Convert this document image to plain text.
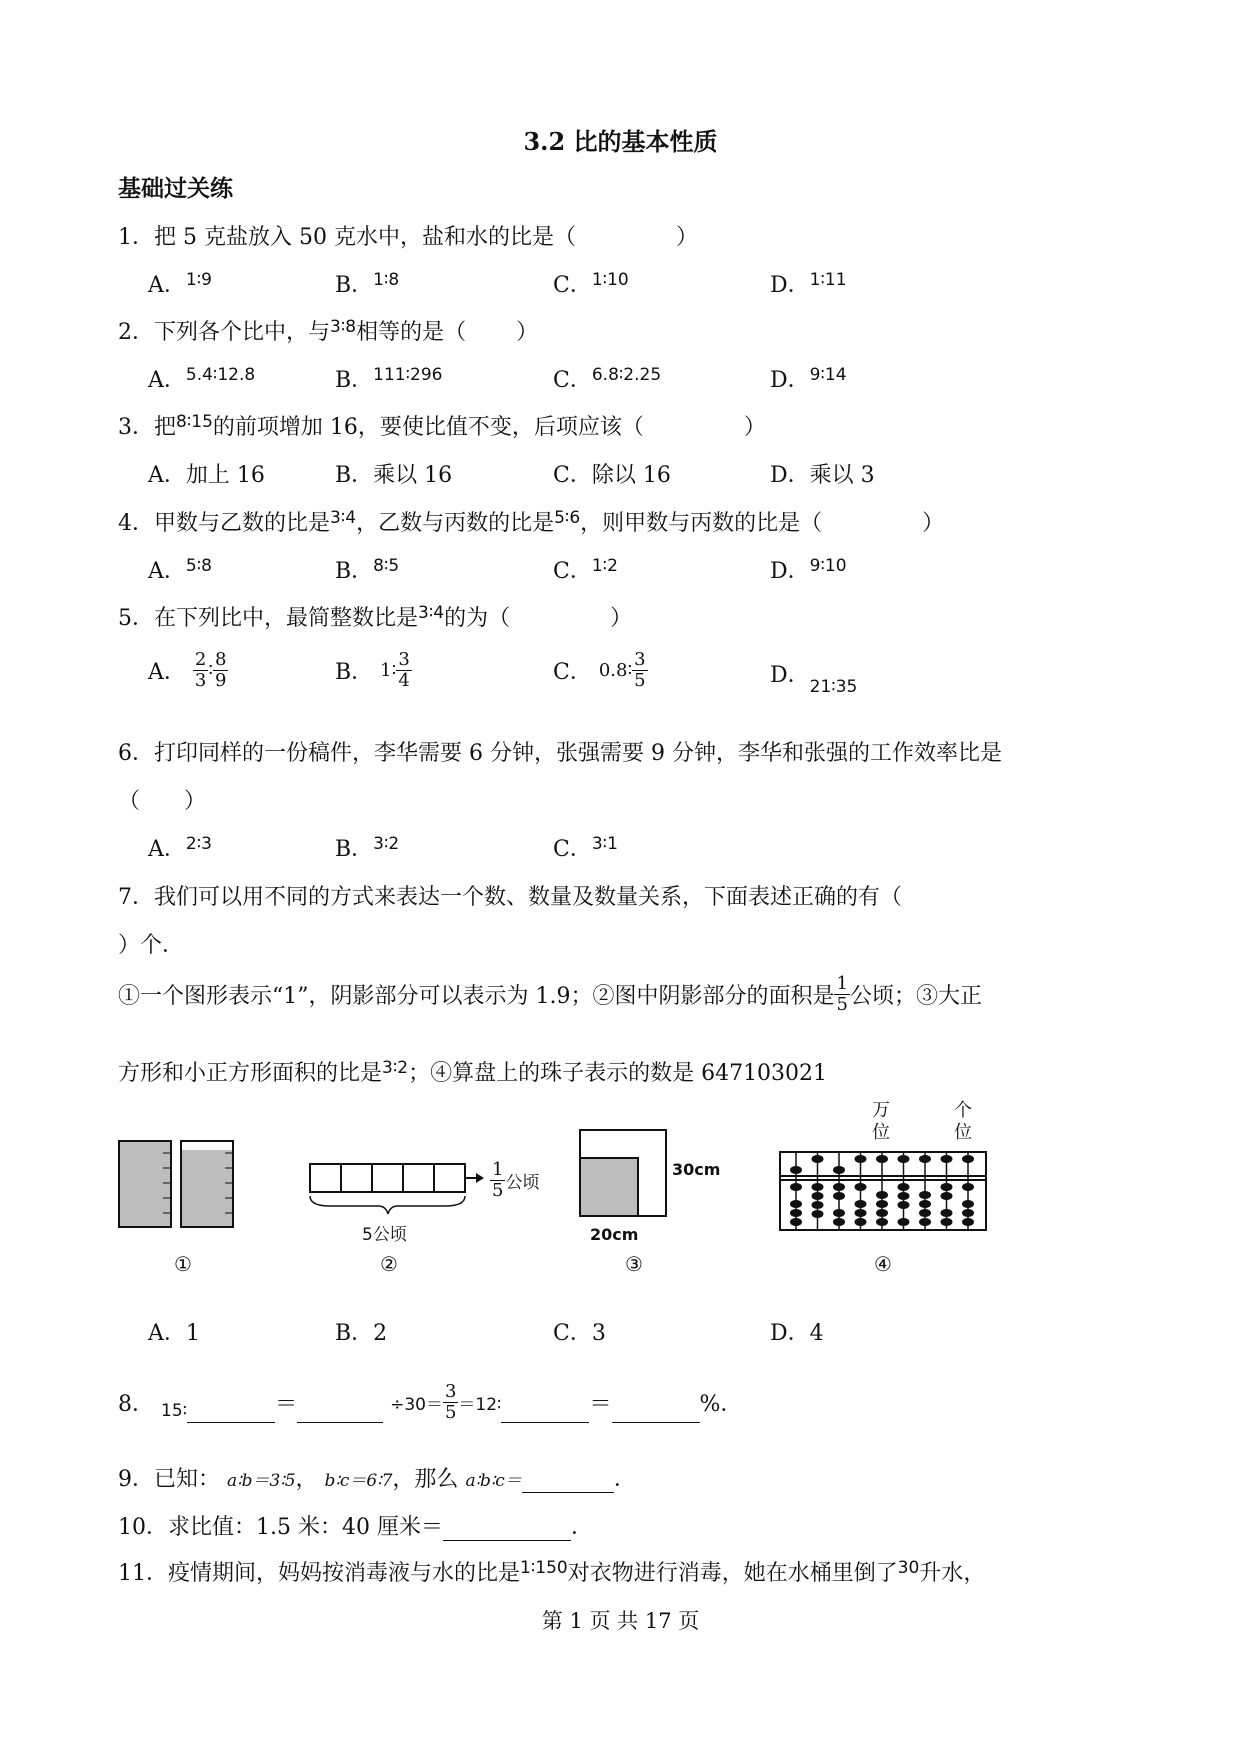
3.2 比的基本性质
基础过关练
1．把 5 克盐放入 50 克水中，盐和水的比是（	）
A．$^{1∶9}$	B．$^{1∶8}$	C．$^{1∶10}$	D．$^{1∶11}$
2．下列各个比中，与$^{3∶8}$相等的是（ ）
A．$^{5.4∶12.8}$	B．$^{111∶296}$	C．$^{6.8∶2.25}$	D．$^{9∶14}$
3．把$^{8∶15}$的前项增加 16，要使比值不变，后项应该（	）
A．加上 16	B．乘以 16	C．除以 16	D．乘以 3
4．甲数与乙数的比是$^{3∶4}$，乙数与丙数的比是$^{5∶6}$，则甲数与丙数的比是（	）
A．$^{5∶8}$	B．$^{8∶5}$	C．$^{1∶2}$	D．$^{9∶10}$
5．在下列比中，最简整数比是$^{3∶4}$的为（	）
A． $\frac{2}{3}$ ∶ $\frac{8}{9}$	B． 1∶ $\frac{3}{4}$	C． 0.8∶ $\frac{3}{5}$	D．21∶35
6．打印同样的一份稿件，李华需要 6 分钟，张强需要 9 分钟，李华和张强的工作效率比是
（　　）
A．$^{2∶3}$	B．$^{3∶2}$	C．$^{3∶1}$
7．我们可以用不同的方式来表达一个数、数量及数量关系，下面表述正确的有（
）个．
①一个图形表示“1”，阴影部分可以表示为 1.9；②图中阴影部分的面积是 $\frac{1}{5}$ 公顷；③大正
方形和小正方形面积的比是$^{3∶2}$；④算盘上的珠子表示的数是 647103021
$\frac{1}{5}$ 公顷
5公顷
30cm
20cm
万
位
个
位
①	②	③	④
A．1	B．2	C．3	D．4
8． $_{15∶}$	＝	$\div 30= \frac{3}{5}$ ＝12∶	＝	%．
9．已知： a∶b＝3∶5， b∶c＝6∶7，那么 a∶b∶c＝	．
10．求比值：1.5 米：40 厘米＝	．
11．疫情期间，妈妈按消毒液与水的比是$^{1∶150}$对衣物进行消毒，她在水桶里倒了$^{30}$升水，
第 1 页 共 17 页
